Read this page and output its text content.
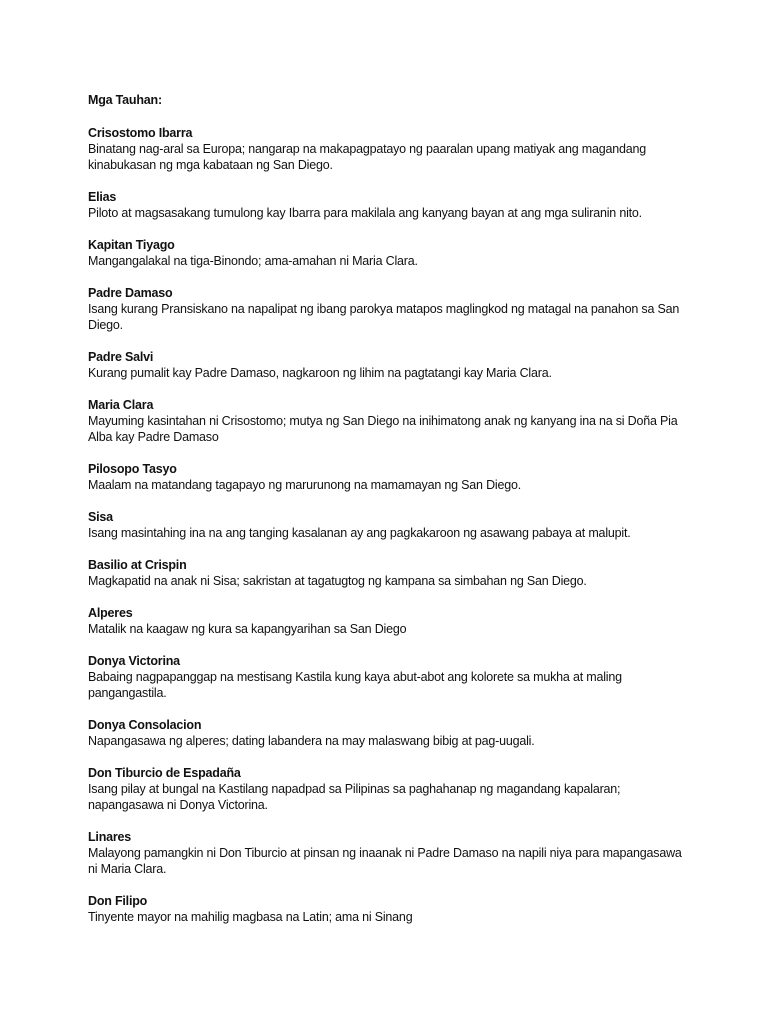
Mga Tauhan:
Crisostomo Ibarra
Binatang nag-aral sa Europa; nangarap na makapagpatayo ng paaralan upang matiyak ang magandang kinabukasan ng mga kabataan ng San Diego.
Elias
Piloto at magsasakang tumulong kay Ibarra para makilala ang kanyang bayan at ang mga suliranin nito.
Kapitan Tiyago
Mangangalakal na tiga-Binondo; ama-amahan ni Maria Clara.
Padre Damaso
Isang kurang Pransiskano na napalipat ng ibang parokya matapos maglingkod ng matagal na panahon sa San Diego.
Padre Salvi
Kurang pumalit kay Padre Damaso, nagkaroon ng lihim na pagtatangi kay Maria Clara.
Maria Clara
Mayuming kasintahan ni Crisostomo; mutya ng San Diego na inihimatong anak ng kanyang ina na si Doña Pia Alba kay Padre Damaso
Pilosopo Tasyo
Maalam na matandang tagapayo ng marurunong na mamamayan ng San Diego.
Sisa
Isang masintahing ina na ang tanging kasalanan ay ang pagkakaroon ng asawang pabaya at malupit.
Basilio at Crispin
Magkapatid na anak ni Sisa; sakristan at tagatugtog ng kampana sa simbahan ng San Diego.
Alperes
Matalik na kaagaw ng kura sa kapangyarihan sa San Diego
Donya Victorina
Babaing nagpapanggap na mestisang Kastila kung kaya abut-abot ang kolorete sa mukha at maling pangangastila.
Donya Consolacion
Napangasawa ng alperes; dating labandera na may malaswang bibig at pag-uugali.
Don Tiburcio de Espadaña
Isang pilay at bungal na Kastilang napadpad sa Pilipinas sa paghahanap ng magandang kapalaran; napangasawa ni Donya Victorina.
Linares
Malayong pamangkin ni Don Tiburcio at pinsan ng inaanak ni Padre Damaso na napili niya para mapangasawa ni Maria Clara.
Don Filipo
Tinyente mayor na mahilig magbasa na Latin; ama ni Sinang
